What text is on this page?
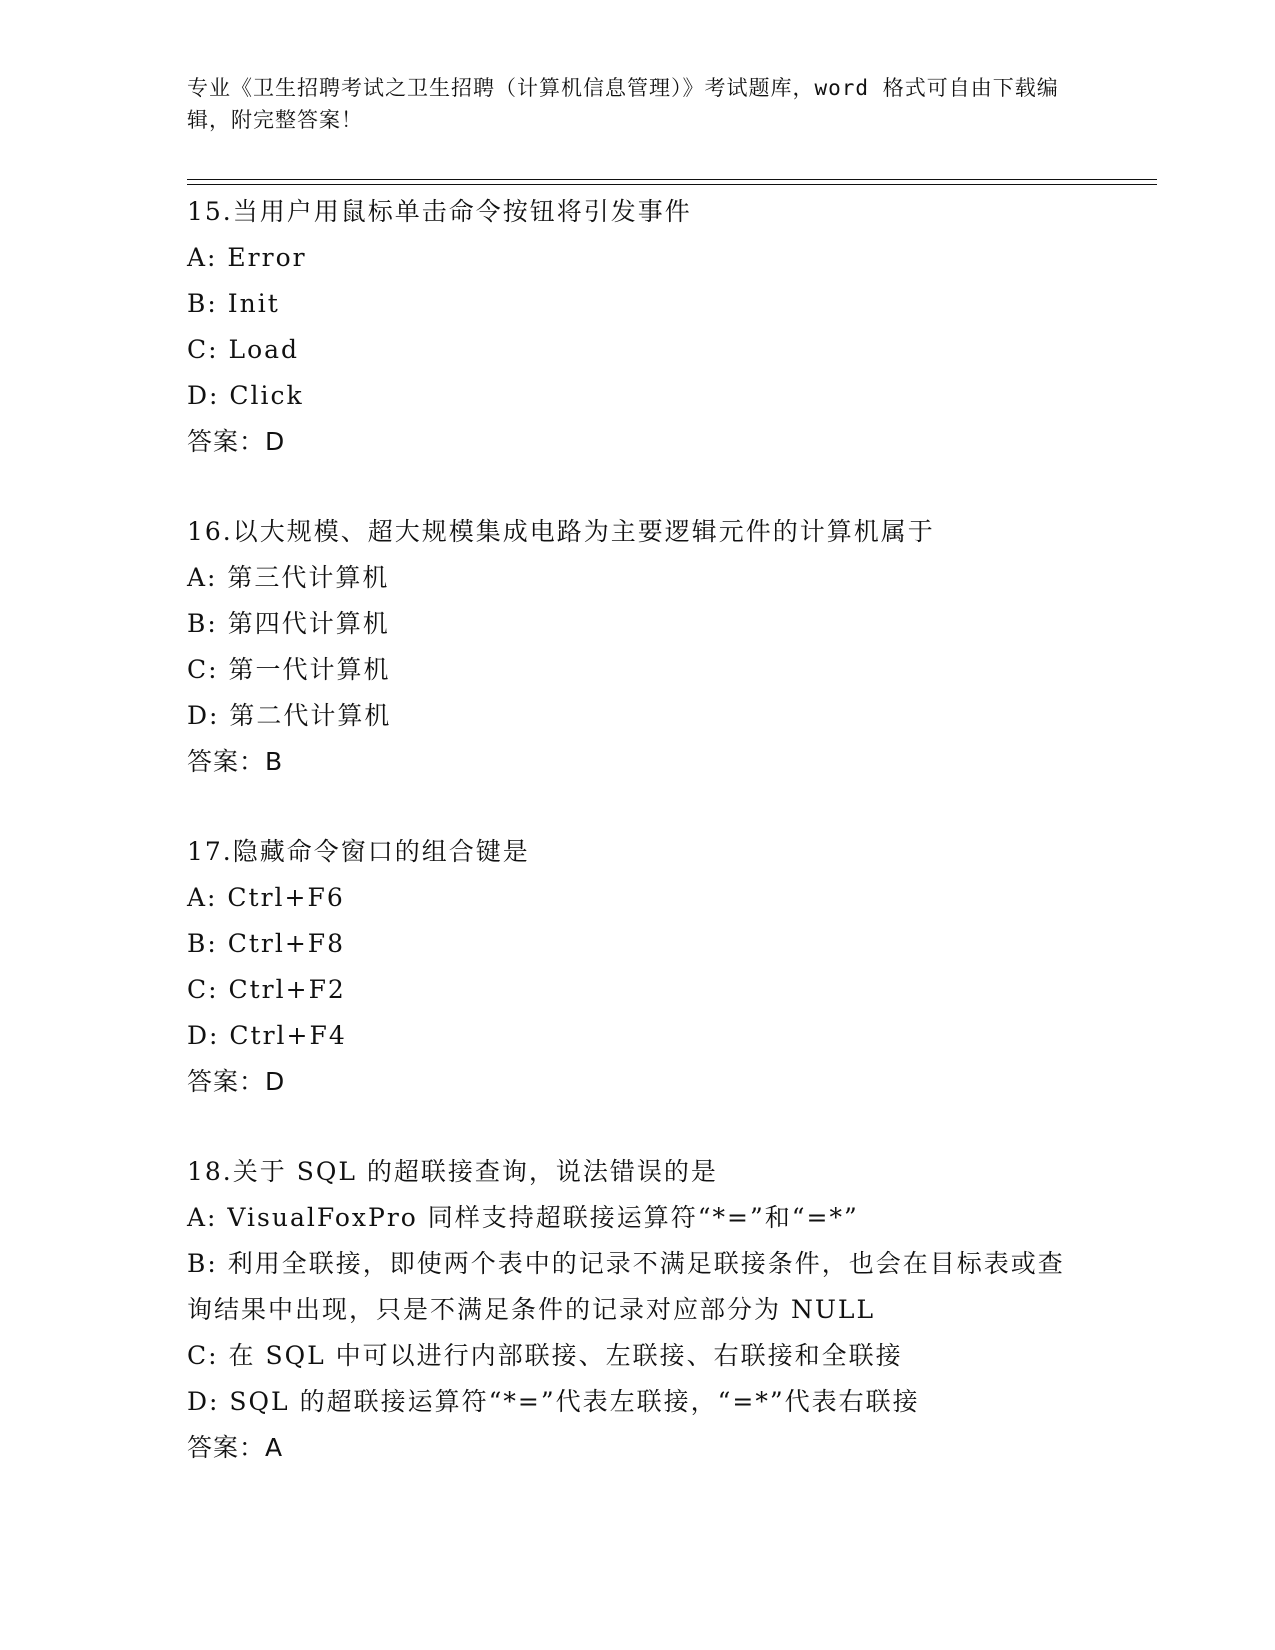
专业《卫生招聘考试之卫生招聘（计算机信息管理）》考试题库，word 格式可自由下载编辑，附完整答案！
15.当用户用鼠标单击命令按钮将引发事件
A: Error
B: Init
C: Load
D: Click
答案：D
16.以大规模、超大规模集成电路为主要逻辑元件的计算机属于
A: 第三代计算机
B: 第四代计算机
C: 第一代计算机
D: 第二代计算机
答案：B
17.隐藏命令窗口的组合键是
A: Ctrl+F6
B: Ctrl+F8
C: Ctrl+F2
D: Ctrl+F4
答案：D
18.关于 SQL 的超联接查询，说法错误的是
A: VisualFoxPro 同样支持超联接运算符“*=”和“=*”
B: 利用全联接，即使两个表中的记录不满足联接条件，也会在目标表或查询结果中出现，只是不满足条件的记录对应部分为 NULL
C: 在 SQL 中可以进行内部联接、左联接、右联接和全联接
D: SQL 的超联接运算符“*=”代表左联接，“=*”代表右联接
答案：A
